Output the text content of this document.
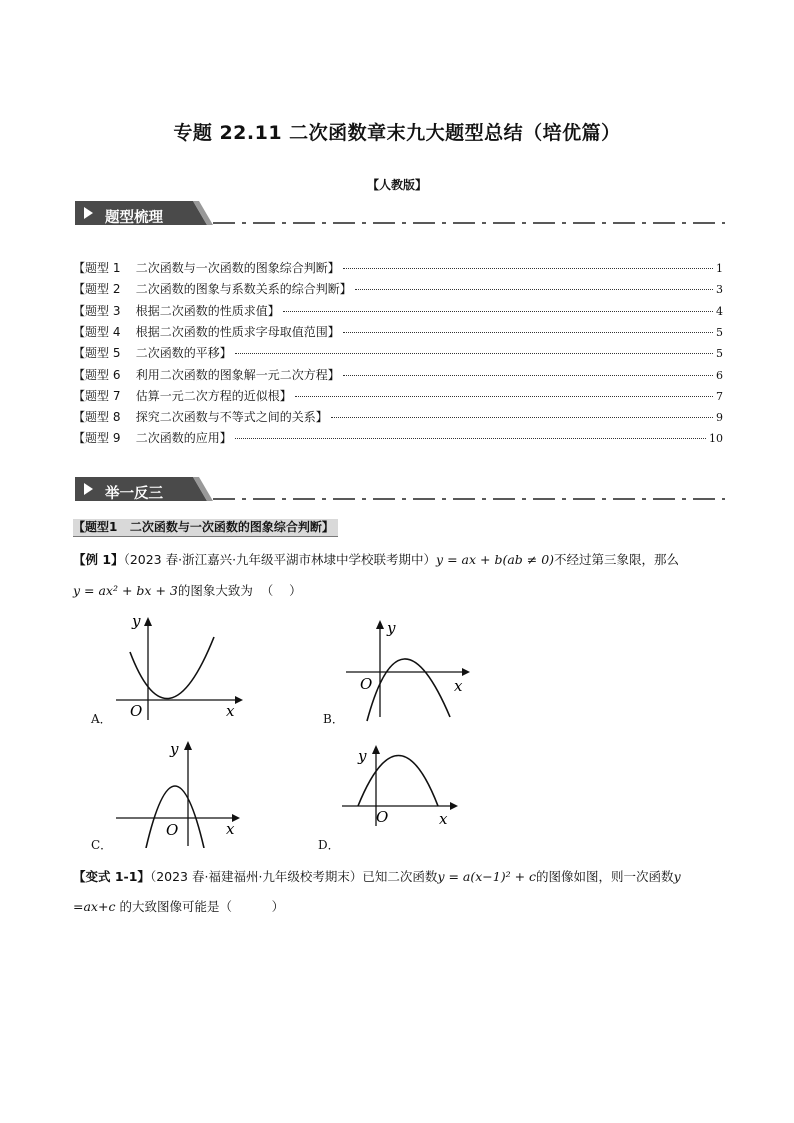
专题 22.11 二次函数章末九大题型总结（培优篇）
【人教版】
题型梳理
【题型 1    二次函数与一次函数的图象综合判断】	1
【题型 2    二次函数的图象与系数关系的综合判断】	3
【题型 3    根据二次函数的性质求值】	4
【题型 4    根据二次函数的性质求字母取值范围】	5
【题型 5    二次函数的平移】	5
【题型 6    利用二次函数的图象解一元二次方程】	6
【题型 7    估算一元二次方程的近似根】	7
【题型 8    探究二次函数与不等式之间的关系】	9
【题型 9    二次函数的应用】	10
举一反三
【题型1   二次函数与一次函数的图象综合判断】
【例 1】（2023 春·浙江嘉兴·九年级平湖市林埭中学校联考期中）y = ax + b(ab ≠ 0)不经过第三象限，那么
y = ax² + bx + 3的图象大致为  （    ）
A．
y
x
O	B．
y
x
O
C．
y
x
O
D．
y
x
O
【变式 1-1】（2023 春·福建福州·九年级校考期末）已知二次函数y = a(x−1)² + c的图像如图，则一次函数y
=ax+c 的大致图像可能是（          ）
